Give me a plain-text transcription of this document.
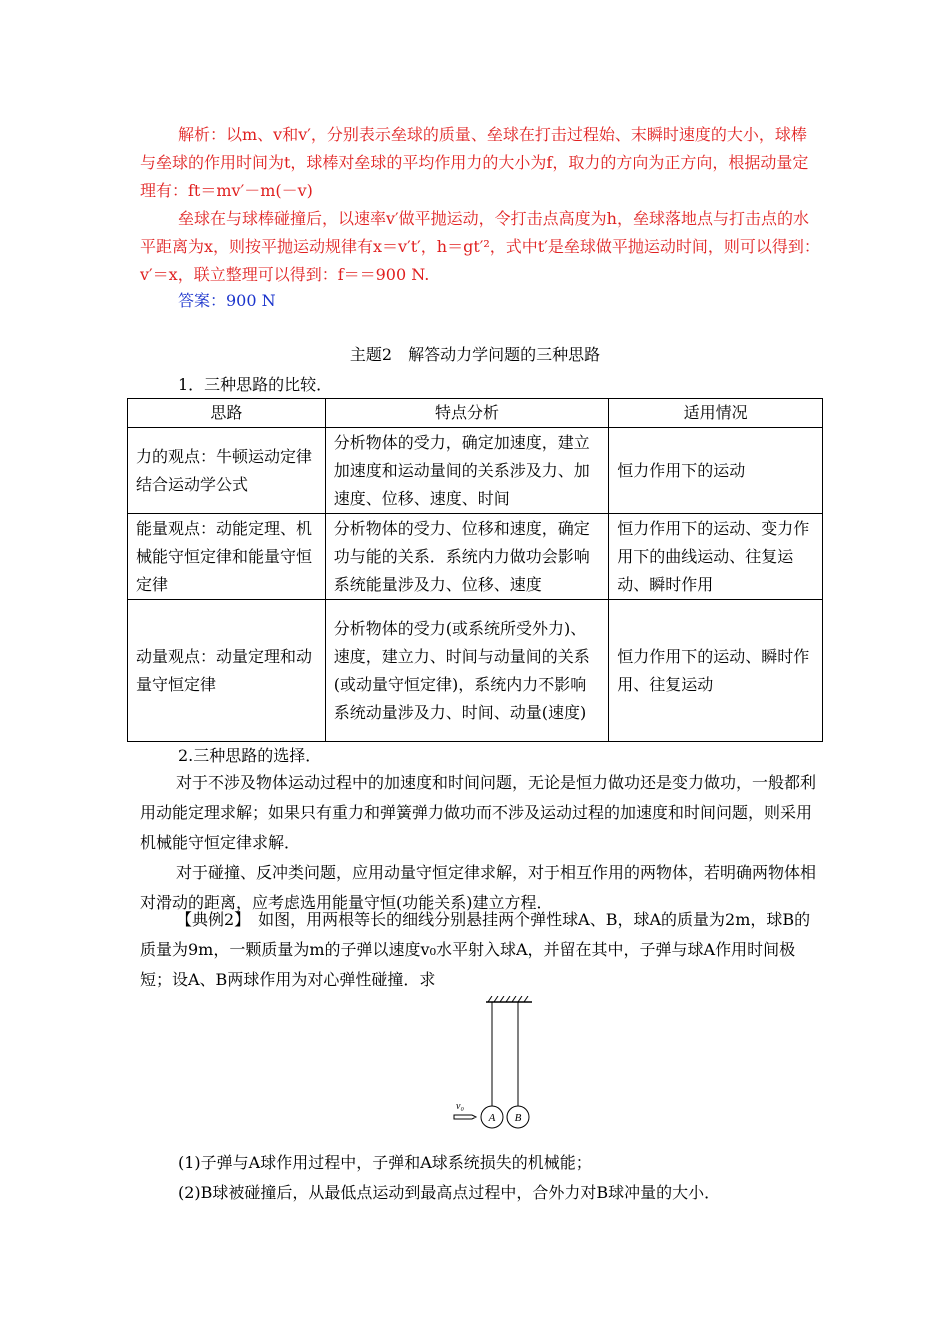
解析：以m、v和v′，分别表示垒球的质量、垒球在打击过程始、末瞬时速度的大小，球棒与垒球的作用时间为t，球棒对垒球的平均作用力的大小为f，取力的方向为正方向，根据动量定理有：ft＝mv′－m(－v)

垒球在与球棒碰撞后，以速率v′做平抛运动，令打击点高度为h，垒球落地点与打击点的水平距离为x，则按平抛运动规律有x＝v′t′，h＝gt′²，式中t′是垒球做平抛运动时间，则可以得到：v′＝x，联立整理可以得到：f＝＝900 N.

答案：900 N
主题2　解答动力学问题的三种思路
1．三种思路的比较．
思路	特点分析	适用情况
力的观点：牛顿运动定律结合运动学公式	分析物体的受力，确定加速度，建立加速度和运动量间的关系涉及力、加速度、位移、速度、时间	恒力作用下的运动
能量观点：动能定理、机械能守恒定律和能量守恒定律	分析物体的受力、位移和速度，确定功与能的关系．系统内力做功会影响系统能量涉及力、位移、速度	恒力作用下的运动、变力作用下的曲线运动、往复运动、瞬时作用
动量观点：动量定理和动量守恒定律	分析物体的受力(或系统所受外力)、速度，建立力、时间与动量间的关系(或动量守恒定律)，系统内力不影响系统动量涉及力、时间、动量(速度)	恒力作用下的运动、瞬时作用、往复运动
2.三种思路的选择．

对于不涉及物体运动过程中的加速度和时间问题，无论是恒力做功还是变力做功，一般都利用动能定理求解；如果只有重力和弹簧弹力做功而不涉及运动过程的加速度和时间问题，则采用机械能守恒定律求解．

对于碰撞、反冲类问题，应用动量守恒定律求解，对于相互作用的两物体，若明确两物体相对滑动的距离，应考虑选用能量守恒(功能关系)建立方程．

【典例2】　如图，用两根等长的细线分别悬挂两个弹性球A、B，球A的质量为2m，球B的质量为9m，一颗质量为m的子弹以速度v₀水平射入球A，并留在其中，子弹与球A作用时间极短；设A、B两球作用为对心弹性碰撞．求

A B
v₀
(1)子弹与A球作用过程中，子弹和A球系统损失的机械能；
(2)B球被碰撞后，从最低点运动到最高点过程中，合外力对B球冲量的大小．
